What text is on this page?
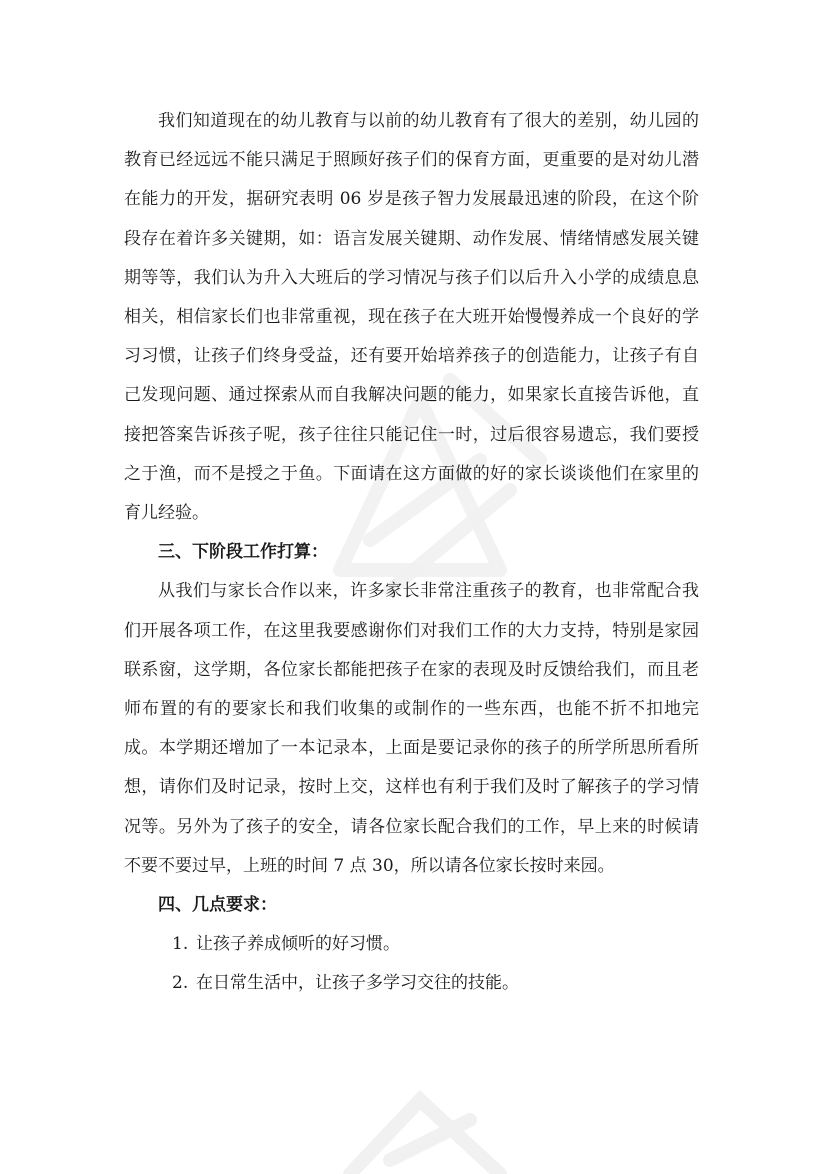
我们知道现在的幼儿教育与以前的幼儿教育有了很大的差别，幼儿园的教育已经远远不能只满足于照顾好孩子们的保育方面，更重要的是对幼儿潜在能力的开发，据研究表明 06 岁是孩子智力发展最迅速的阶段，在这个阶段存在着许多关键期，如：语言发展关键期、动作发展、情绪情感发展关键期等等，我们认为升入大班后的学习情况与孩子们以后升入小学的成绩息息相关，相信家长们也非常重视，现在孩子在大班开始慢慢养成一个良好的学习习惯，让孩子们终身受益，还有要开始培养孩子的创造能力，让孩子有自己发现问题、通过探索从而自我解决问题的能力，如果家长直接告诉他，直接把答案告诉孩子呢，孩子往往只能记住一时，过后很容易遗忘，我们要授之于渔，而不是授之于鱼。下面请在这方面做的好的家长谈谈他们在家里的育儿经验。

三、下阶段工作打算：

从我们与家长合作以来，许多家长非常注重孩子的教育，也非常配合我们开展各项工作，在这里我要感谢你们对我们工作的大力支持，特别是家园联系窗，这学期，各位家长都能把孩子在家的表现及时反馈给我们，而且老师布置的有的要家长和我们收集的或制作的一些东西，也能不折不扣地完成。本学期还增加了一本记录本，上面是要记录你的孩子的所学所思所看所想，请你们及时记录，按时上交，这样也有利于我们及时了解孩子的学习情况等。另外为了孩子的安全，请各位家长配合我们的工作，早上来的时候请不要不要过早，上班的时间 7 点 30，所以请各位家长按时来园。

四、几点要求：

1. 让孩子养成倾听的好习惯。
2. 在日常生活中，让孩子多学习交往的技能。
